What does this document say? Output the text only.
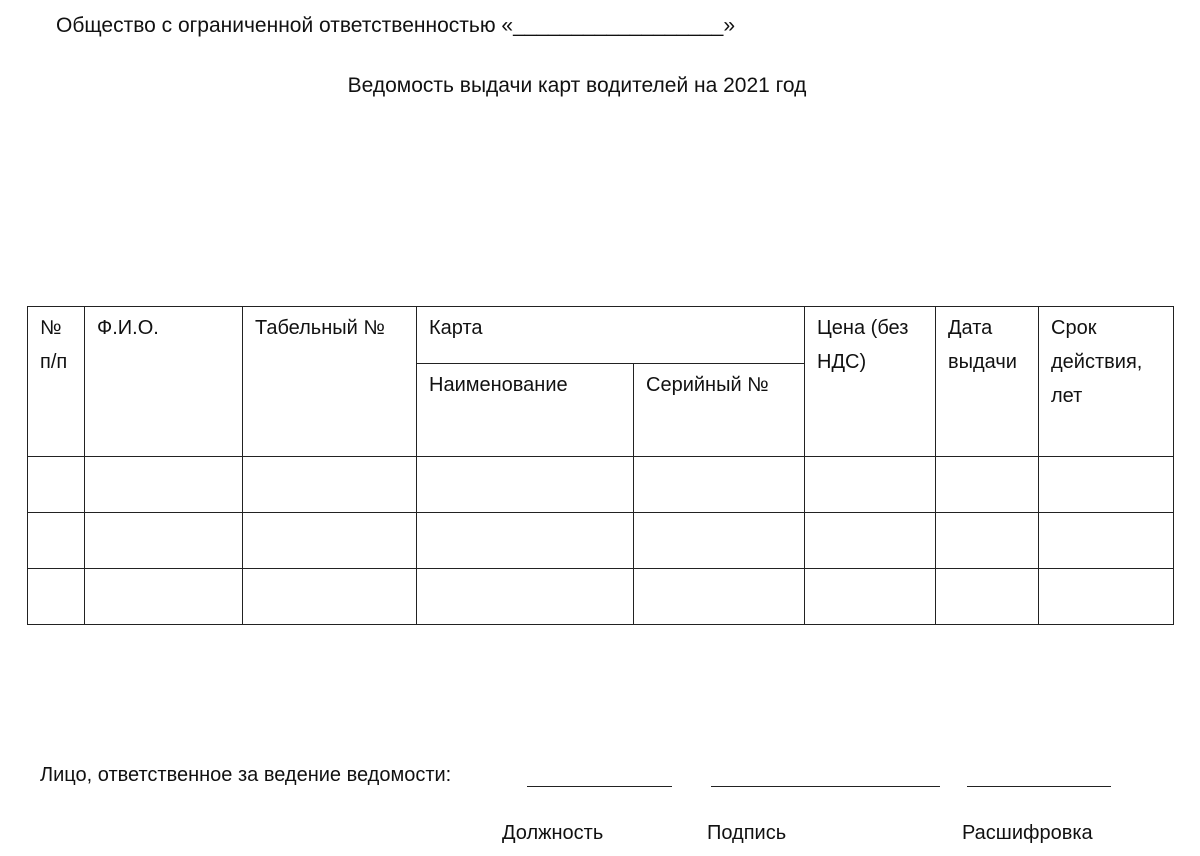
Общество с ограниченной ответственностью «__________________»
Ведомость выдачи карт водителей на 2021 год
№ п/п	Ф.И.О.	Табельный №	Карта		Цена (без НДС)	Дата выдачи	Срок действия, лет
			Наименование	Серийный №			

Лицо, ответственное за ведение ведомости:
Должность	Подпись	Расшифровка
